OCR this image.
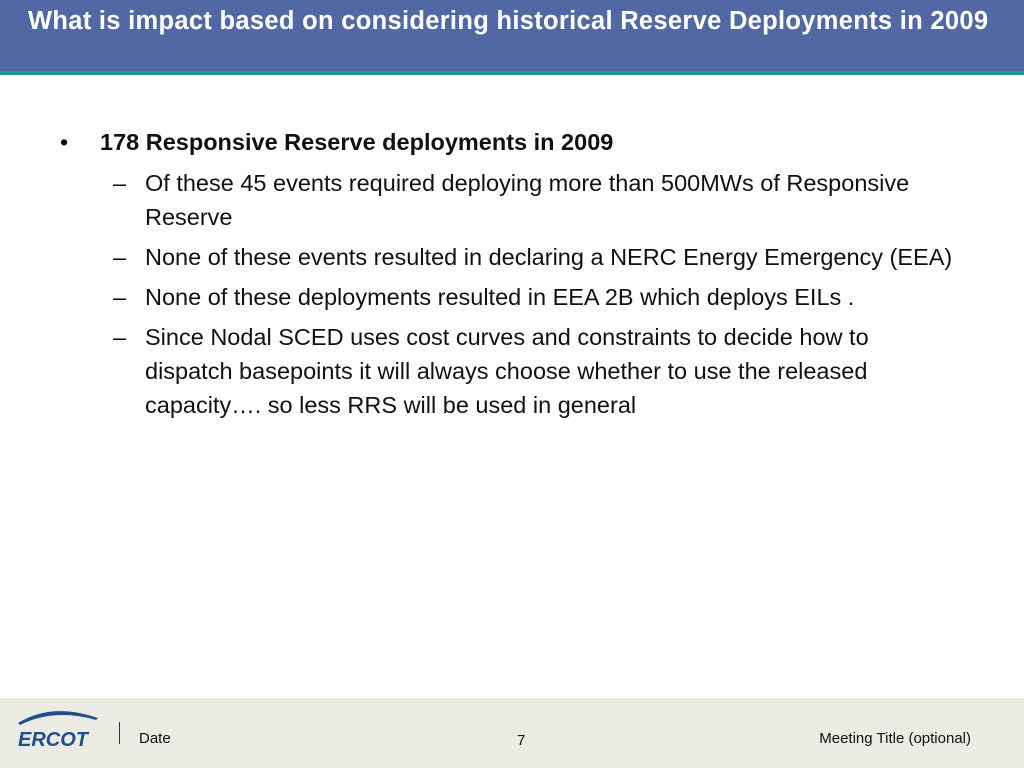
What is impact based on considering historical Reserve Deployments in 2009
• 178 Responsive Reserve deployments in 2009
– Of these 45 events required deploying more than 500MWs of Responsive Reserve
– None of these events resulted in declaring a NERC Energy Emergency (EEA)
– None of these deployments resulted in EEA 2B which deploys EILs .
– Since Nodal SCED uses cost curves and constraints to decide how to dispatch basepoints it will always choose whether to use the released capacity…. so less RRS will be used in general
ERCOT	Date	7	Meeting Title (optional)
